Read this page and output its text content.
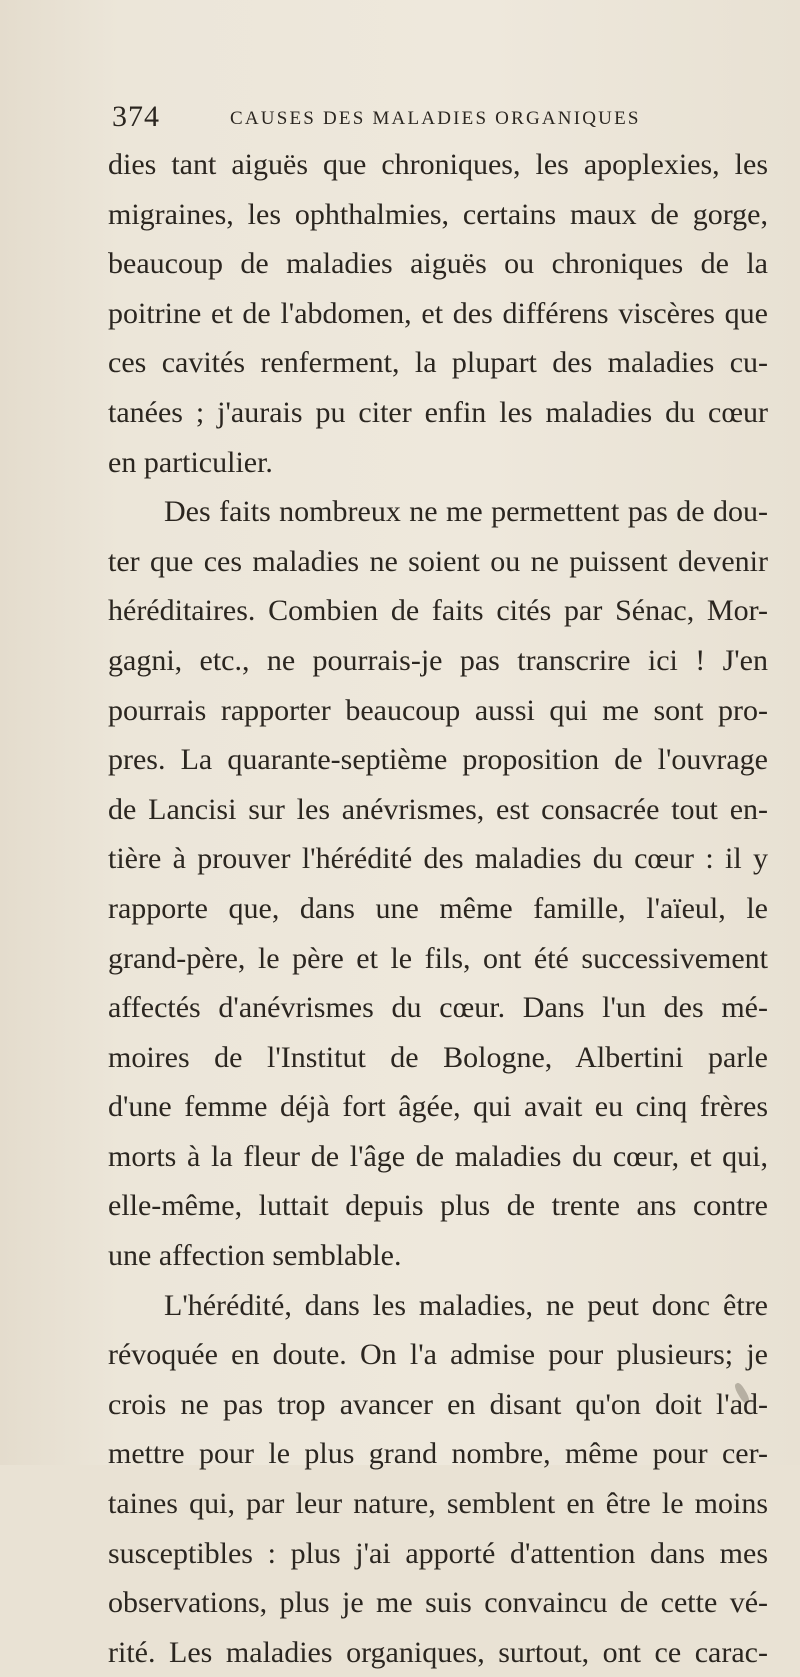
374	CAUSES DES MALADIES ORGANIQUES
dies tant aiguës que chroniques, les apoplexies, les
migraines, les ophthalmies, certains maux de gorge,
beaucoup de maladies aiguës ou chroniques de la
poitrine et de l'abdomen, et des différens viscères que
ces cavités renferment, la plupart des maladies cu-
tanées ; j'aurais pu citer enfin les maladies du cœur
en particulier.
Des faits nombreux ne me permettent pas de dou-
ter que ces maladies ne soient ou ne puissent devenir
héréditaires. Combien de faits cités par Sénac, Mor-
gagni, etc., ne pourrais-je pas transcrire ici ! J'en
pourrais rapporter beaucoup aussi qui me sont pro-
pres. La quarante-septième proposition de l'ouvrage
de Lancisi sur les anévrismes, est consacrée tout en-
tière à prouver l'hérédité des maladies du cœur : il y
rapporte que, dans une même famille, l'aïeul, le
grand-père, le père et le fils, ont été successivement
affectés d'anévrismes du cœur. Dans l'un des mé-
moires de l'Institut de Bologne, Albertini parle
d'une femme déjà fort âgée, qui avait eu cinq frères
morts à la fleur de l'âge de maladies du cœur, et qui,
elle-même, luttait depuis plus de trente ans contre
une affection semblable.
L'hérédité, dans les maladies, ne peut donc être
révoquée en doute. On l'a admise pour plusieurs; je
crois ne pas trop avancer en disant qu'on doit l'ad-
mettre pour le plus grand nombre, même pour cer-
taines qui, par leur nature, semblent en être le moins
susceptibles : plus j'ai apporté d'attention dans mes
observations, plus je me suis convaincu de cette vé-
rité. Les maladies organiques, surtout, ont ce carac-
